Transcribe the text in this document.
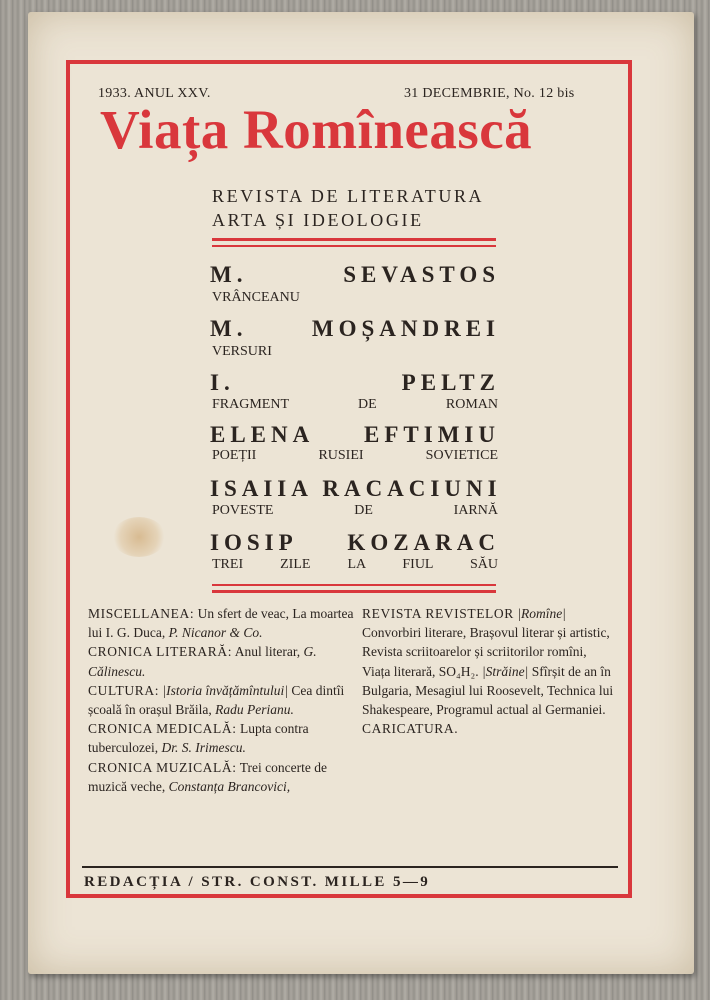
1933. ANUL XXV.	31 DECEMBRIE, No. 12 bis
Viața Romînească
REVISTA DE LITERATURA
ARTA ȘI IDEOLOGIE
M. SEVASTOS
VRÂNCEANU
M. MOȘANDREI
VERSURI
I. PELTZ
FRAGMENT DE ROMAN
ELENA EFTIMIU
POEȚII RUSIEI SOVIETICE
ISAIIA RACACIUNI
POVESTE DE IARNĂ
IOSIP KOZARAC
TREI ZILE LA FIUL SĂU
MISCELLANEA: Un sfert de veac, La moartea lui I. G. Duca, P. Nicanor & Co.
CRONICA LITERARĂ: Anul literar, G. Călinescu.
CULTURA: |Istoria învățămîntului| Cea dintîi școală în orașul Brăila, Radu Perianu.
CRONICA MEDICALĂ: Lupta contra tuberculozei, Dr. S. Irimescu.
CRONICA MUZICALĂ: Trei concerte de muzică veche, Constanța Brancovici,
REVISTA REVISTELOR |Romîne| Convorbiri literare, Brașovul literar și artistic, Revista scriitoarelor și scriitorilor romîni, Viața literară, SO₄H₂. |Străine| Sfîrșit de an în Bulgaria, Mesagiul lui Roosevelt, Technica lui Shakespeare, Programul actual al Germaniei.
CARICATURA.
REDACȚIA / STR. CONST. MILLE 5—9
